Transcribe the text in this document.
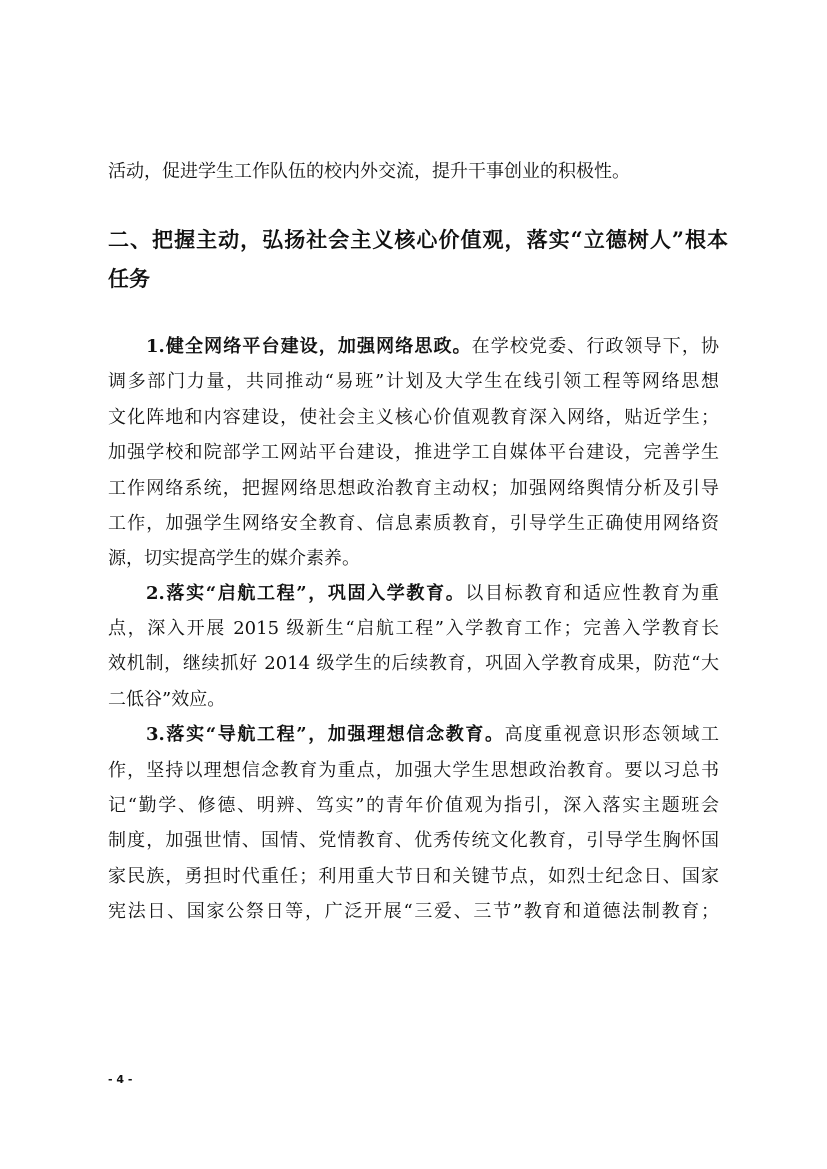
活动，促进学生工作队伍的校内外交流，提升干事创业的积极性。
二、把握主动，弘扬社会主义核心价值观，落实“立德树人”根本
任务
1.健全网络平台建设，加强网络思政。在学校党委、行政领导下，协
调多部门力量，共同推动“易班”计划及大学生在线引领工程等网络思想
文化阵地和内容建设，使社会主义核心价值观教育深入网络，贴近学生；
加强学校和院部学工网站平台建设，推进学工自媒体平台建设，完善学生
工作网络系统，把握网络思想政治教育主动权；加强网络舆情分析及引导
工作，加强学生网络安全教育、信息素质教育，引导学生正确使用网络资
源，切实提高学生的媒介素养。
2.落实“启航工程”，巩固入学教育。以目标教育和适应性教育为重
点，深入开展 2015 级新生“启航工程”入学教育工作；完善入学教育长
效机制，继续抓好 2014 级学生的后续教育，巩固入学教育成果，防范“大
二低谷”效应。
3.落实“导航工程”，加强理想信念教育。高度重视意识形态领域工
作，坚持以理想信念教育为重点，加强大学生思想政治教育。要以习总书
记“勤学、修德、明辨、笃实”的青年价值观为指引，深入落实主题班会
制度，加强世情、国情、党情教育、优秀传统文化教育，引导学生胸怀国
家民族，勇担时代重任；利用重大节日和关键节点，如烈士纪念日、国家
宪法日、国家公祭日等，广泛开展“三爱、三节”教育和道德法制教育；
- 4 -
